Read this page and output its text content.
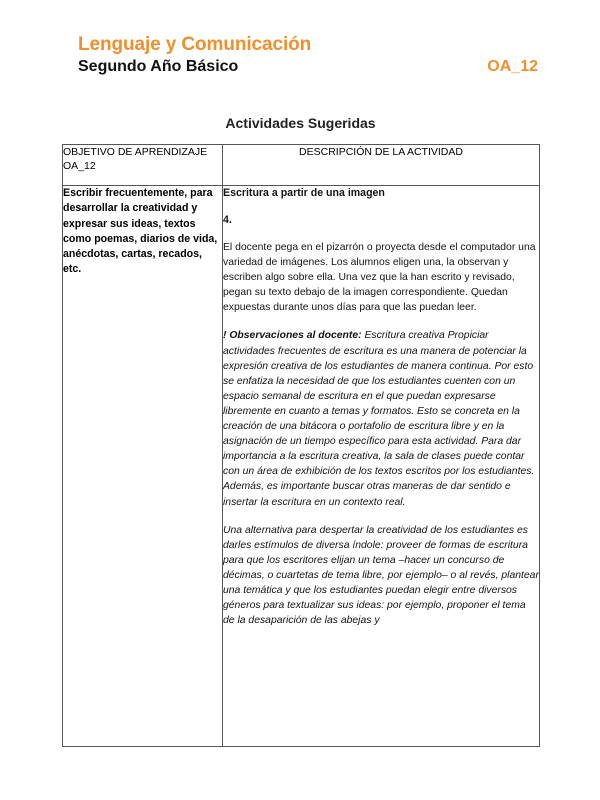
Lenguaje y Comunicación
Segundo Año Básico	OA_12
Actividades Sugeridas
OBJETIVO DE APRENDIZAJE OA_12	DESCRIPCIÓN DE LA ACTIVIDAD
Escribir frecuentemente, para desarrollar la creatividad y expresar sus ideas, textos como poemas, diarios de vida, anécdotas, cartas, recados, etc.	Escritura a partir de una imagen

4.

El docente pega en el pizarrón o proyecta desde el computador una variedad de imágenes. Los alumnos eligen una, la observan y escriben algo sobre ella. Una vez que la han escrito y revisado, pegan su texto debajo de la imagen correspondiente. Quedan expuestas durante unos días para que las puedan leer.

! Observaciones al docente: Escritura creativa Propiciar actividades frecuentes de escritura es una manera de potenciar la expresión creativa de los estudiantes de manera continua. Por esto se enfatiza la necesidad de que los estudiantes cuenten con un espacio semanal de escritura en el que puedan expresarse libremente en cuanto a temas y formatos. Esto se concreta en la creación de una bitácora o portafolio de escritura libre y en la asignación de un tiempo específico para esta actividad. Para dar importancia a la escritura creativa, la sala de clases puede contar con un área de exhibición de los textos escritos por los estudiantes. Además, es importante buscar otras maneras de dar sentido e insertar la escritura en un contexto real.

Una alternativa para despertar la creatividad de los estudiantes es darles estímulos de diversa índole: proveer de formas de escritura para que los escritores elijan un tema –hacer un concurso de décimas, o cuartetas de tema libre, por ejemplo– o al revés, plantear una temática y que los estudiantes puedan elegir entre diversos géneros para textualizar sus ideas: por ejemplo, proponer el tema de la desaparición de las abejas y
